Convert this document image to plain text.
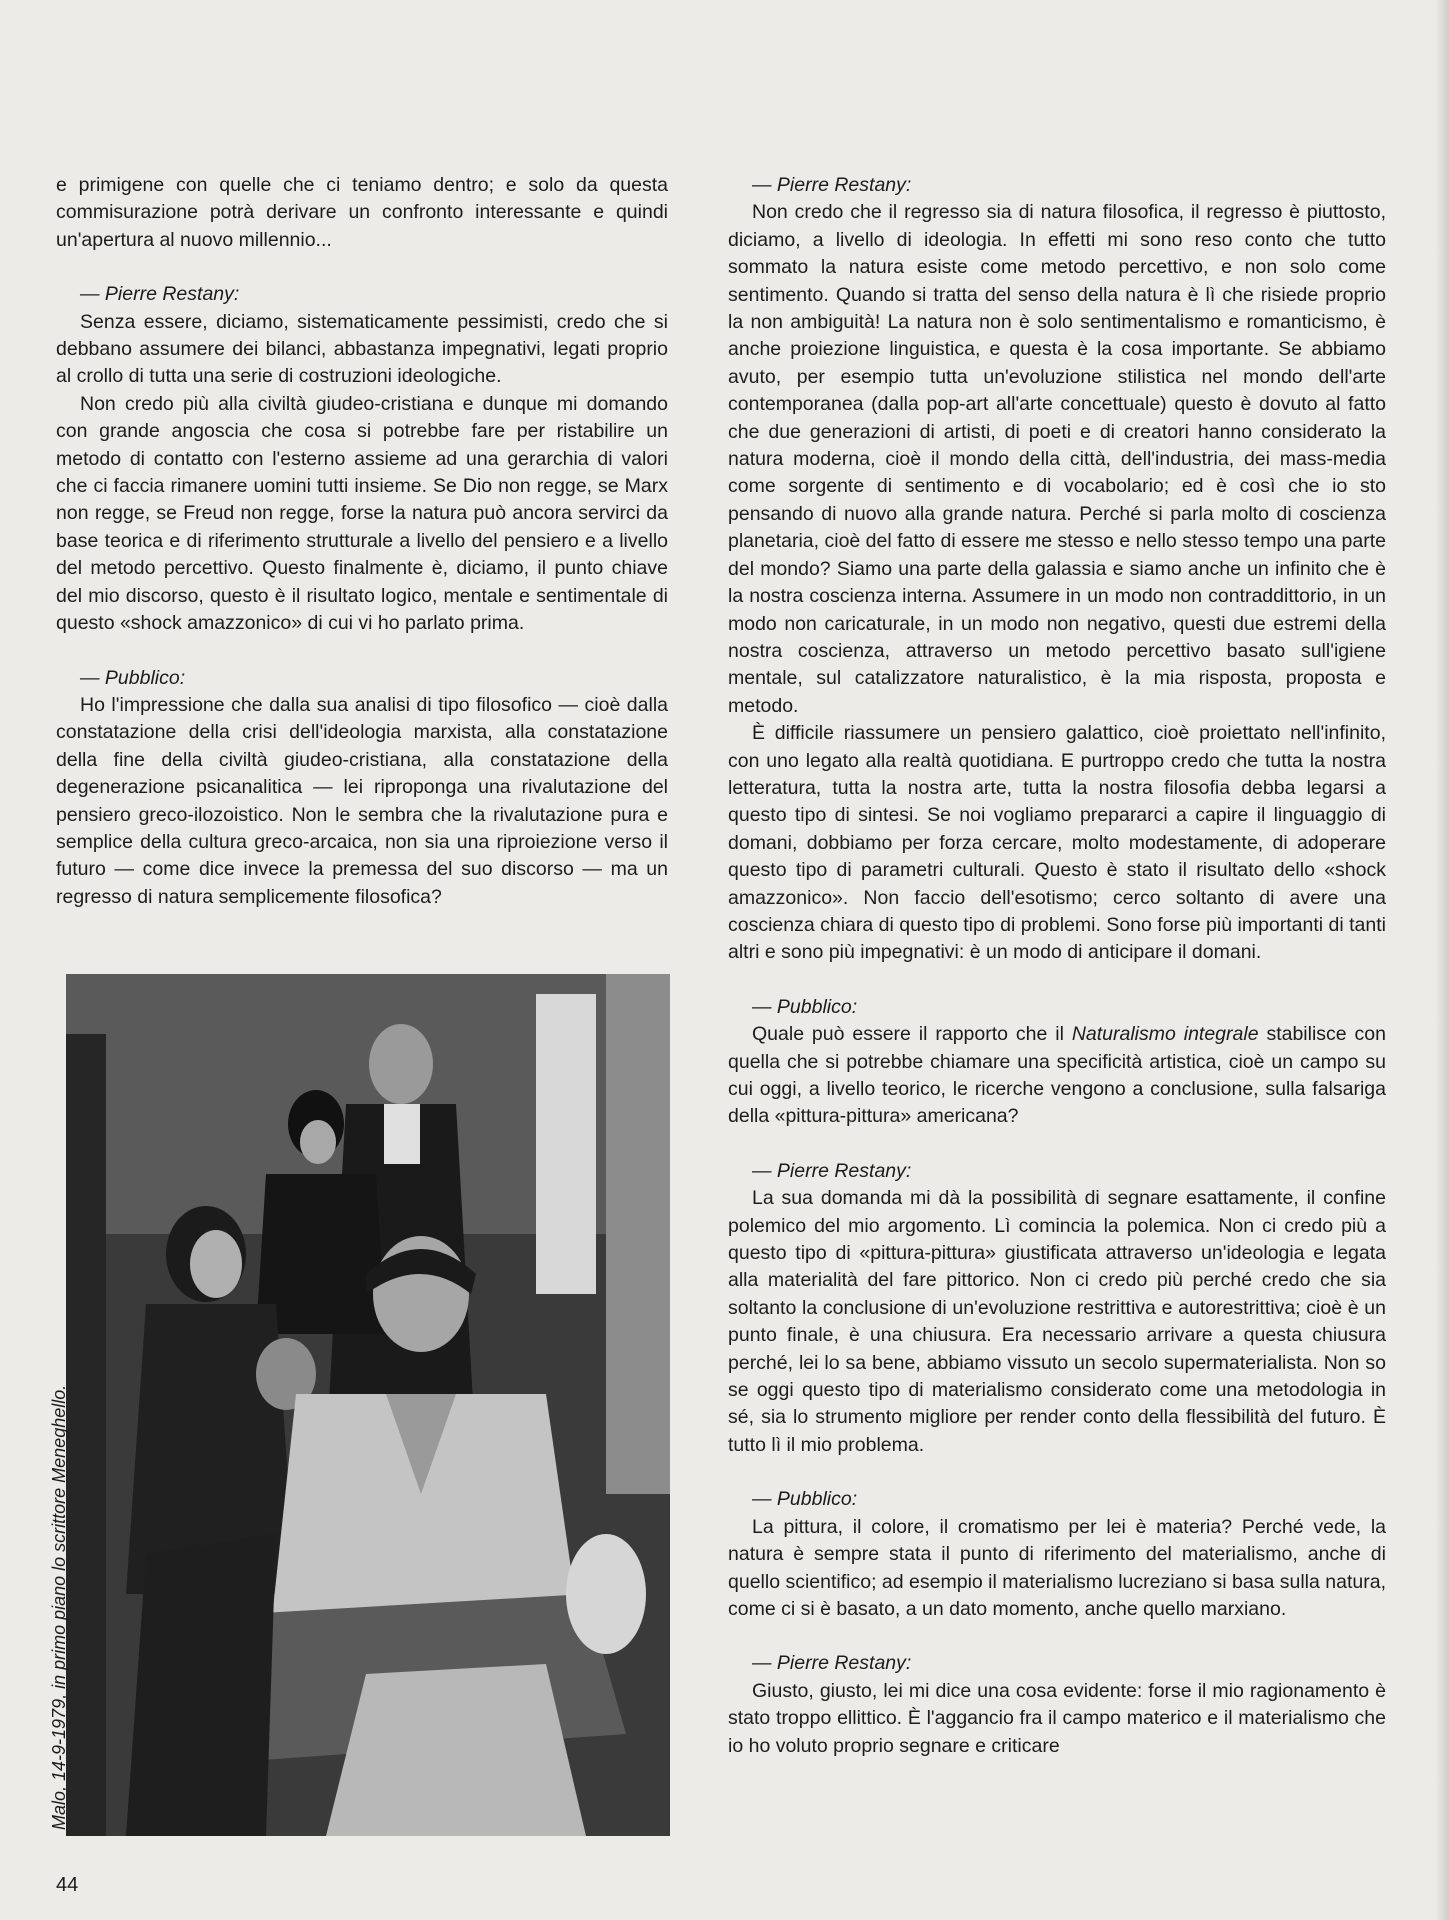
e primigene con quelle che ci teniamo dentro; e solo da questa commisurazione potrà derivare un confronto interessante e quindi un'apertura al nuovo millennio...

— Pierre Restany:

Senza essere, diciamo, sistematicamente pessimisti, credo che si debbano assumere dei bilanci, abbastanza impegnativi, legati proprio al crollo di tutta una serie di costruzioni ideologiche.

Non credo più alla civiltà giudeo-cristiana e dunque mi domando con grande angoscia che cosa si potrebbe fare per ristabilire un metodo di contatto con l'esterno assieme ad una gerarchia di valori che ci faccia rimanere uomini tutti insieme. Se Dio non regge, se Marx non regge, se Freud non regge, forse la natura può ancora servirci da base teorica e di riferimento strutturale a livello del pensiero e a livello del metodo percettivo. Questo finalmente è, diciamo, il punto chiave del mio discorso, questo è il risultato logico, mentale e sentimentale di questo «shock amazzonico» di cui vi ho parlato prima.

— Pubblico:

Ho l'impressione che dalla sua analisi di tipo filosofico — cioè dalla constatazione della crisi dell'ideologia marxista, alla constatazione della fine della civiltà giudeo-cristiana, alla constatazione della degenerazione psicanalitica — lei riproponga una rivalutazione del pensiero greco-ilozoistico. Non le sembra che la rivalutazione pura e semplice della cultura greco-arcaica, non sia una riproiezione verso il futuro — come dice invece la premessa del suo discorso — ma un regresso di natura semplicemente filosofica?

Malo, 14-9-1979, in primo piano lo scrittore Meneghello.

— Pierre Restany:

Non credo che il regresso sia di natura filosofica, il regresso è piuttosto, diciamo, a livello di ideologia. In effetti mi sono reso conto che tutto sommato la natura esiste come metodo percettivo, e non solo come sentimento. Quando si tratta del senso della natura è lì che risiede proprio la non ambiguità! La natura non è solo sentimentalismo e romanticismo, è anche proiezione linguistica, e questa è la cosa importante. Se abbiamo avuto, per esempio tutta un'evoluzione stilistica nel mondo dell'arte contemporanea (dalla pop-art all'arte concettuale) questo è dovuto al fatto che due generazioni di artisti, di poeti e di creatori hanno considerato la natura moderna, cioè il mondo della città, dell'industria, dei mass-media come sorgente di sentimento e di vocabolario; ed è così che io sto pensando di nuovo alla grande natura. Perché si parla molto di coscienza planetaria, cioè del fatto di essere me stesso e nello stesso tempo una parte del mondo? Siamo una parte della galassia e siamo anche un infinito che è la nostra coscienza interna. Assumere in un modo non contraddittorio, in un modo non caricaturale, in un modo non negativo, questi due estremi della nostra coscienza, attraverso un metodo percettivo basato sull'igiene mentale, sul catalizzatore naturalistico, è la mia risposta, proposta e metodo.

È difficile riassumere un pensiero galattico, cioè proiettato nell'infinito, con uno legato alla realtà quotidiana. E purtroppo credo che tutta la nostra letteratura, tutta la nostra arte, tutta la nostra filosofia debba legarsi a questo tipo di sintesi. Se noi vogliamo prepararci a capire il linguaggio di domani, dobbiamo per forza cercare, molto modestamente, di adoperare questo tipo di parametri culturali. Questo è stato il risultato dello «shock amazzonico». Non faccio dell'esotismo; cerco soltanto di avere una coscienza chiara di questo tipo di problemi. Sono forse più importanti di tanti altri e sono più impegnativi: è un modo di anticipare il domani.

— Pubblico:

Quale può essere il rapporto che il Naturalismo integrale stabilisce con quella che si potrebbe chiamare una specificità artistica, cioè un campo su cui oggi, a livello teorico, le ricerche vengono a conclusione, sulla falsariga della «pittura-pittura» americana?

— Pierre Restany:

La sua domanda mi dà la possibilità di segnare esattamente, il confine polemico del mio argomento. Lì comincia la polemica. Non ci credo più a questo tipo di «pittura-pittura» giustificata attraverso un'ideologia e legata alla materialità del fare pittorico. Non ci credo più perché credo che sia soltanto la conclusione di un'evoluzione restrittiva e autorestrittiva; cioè è un punto finale, è una chiusura. Era necessario arrivare a questa chiusura perché, lei lo sa bene, abbiamo vissuto un secolo supermaterialista. Non so se oggi questo tipo di materialismo considerato come una metodologia in sé, sia lo strumento migliore per render conto della flessibilità del futuro. È tutto lì il mio problema.

— Pubblico:

La pittura, il colore, il cromatismo per lei è materia? Perché vede, la natura è sempre stata il punto di riferimento del materialismo, anche di quello scientifico; ad esempio il materialismo lucreziano si basa sulla natura, come ci si è basato, a un dato momento, anche quello marxiano.

— Pierre Restany:

Giusto, giusto, lei mi dice una cosa evidente: forse il mio ragionamento è stato troppo ellittico. È l'aggancio fra il campo materico e il materialismo che io ho voluto proprio segnare e criticare

44
